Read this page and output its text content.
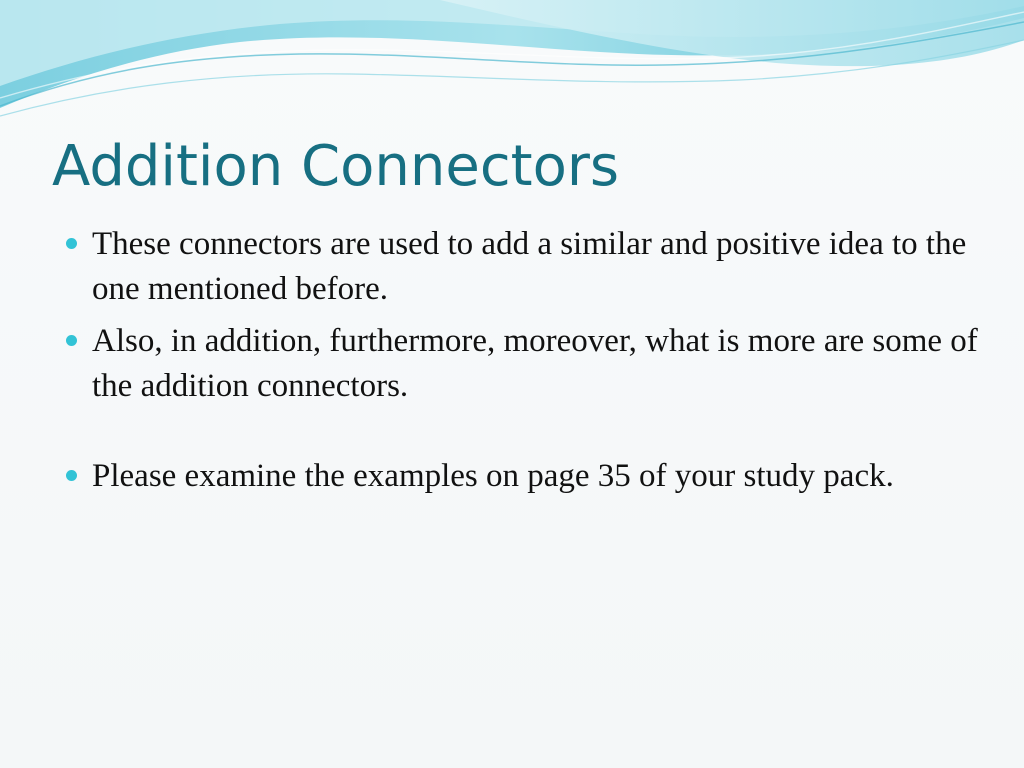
Addition Connectors
These connectors are used to add a similar and positive idea to the one mentioned before.
Also, in addition, furthermore, moreover, what is more are some of the addition connectors.
Please examine the examples on page 35 of your study pack.
